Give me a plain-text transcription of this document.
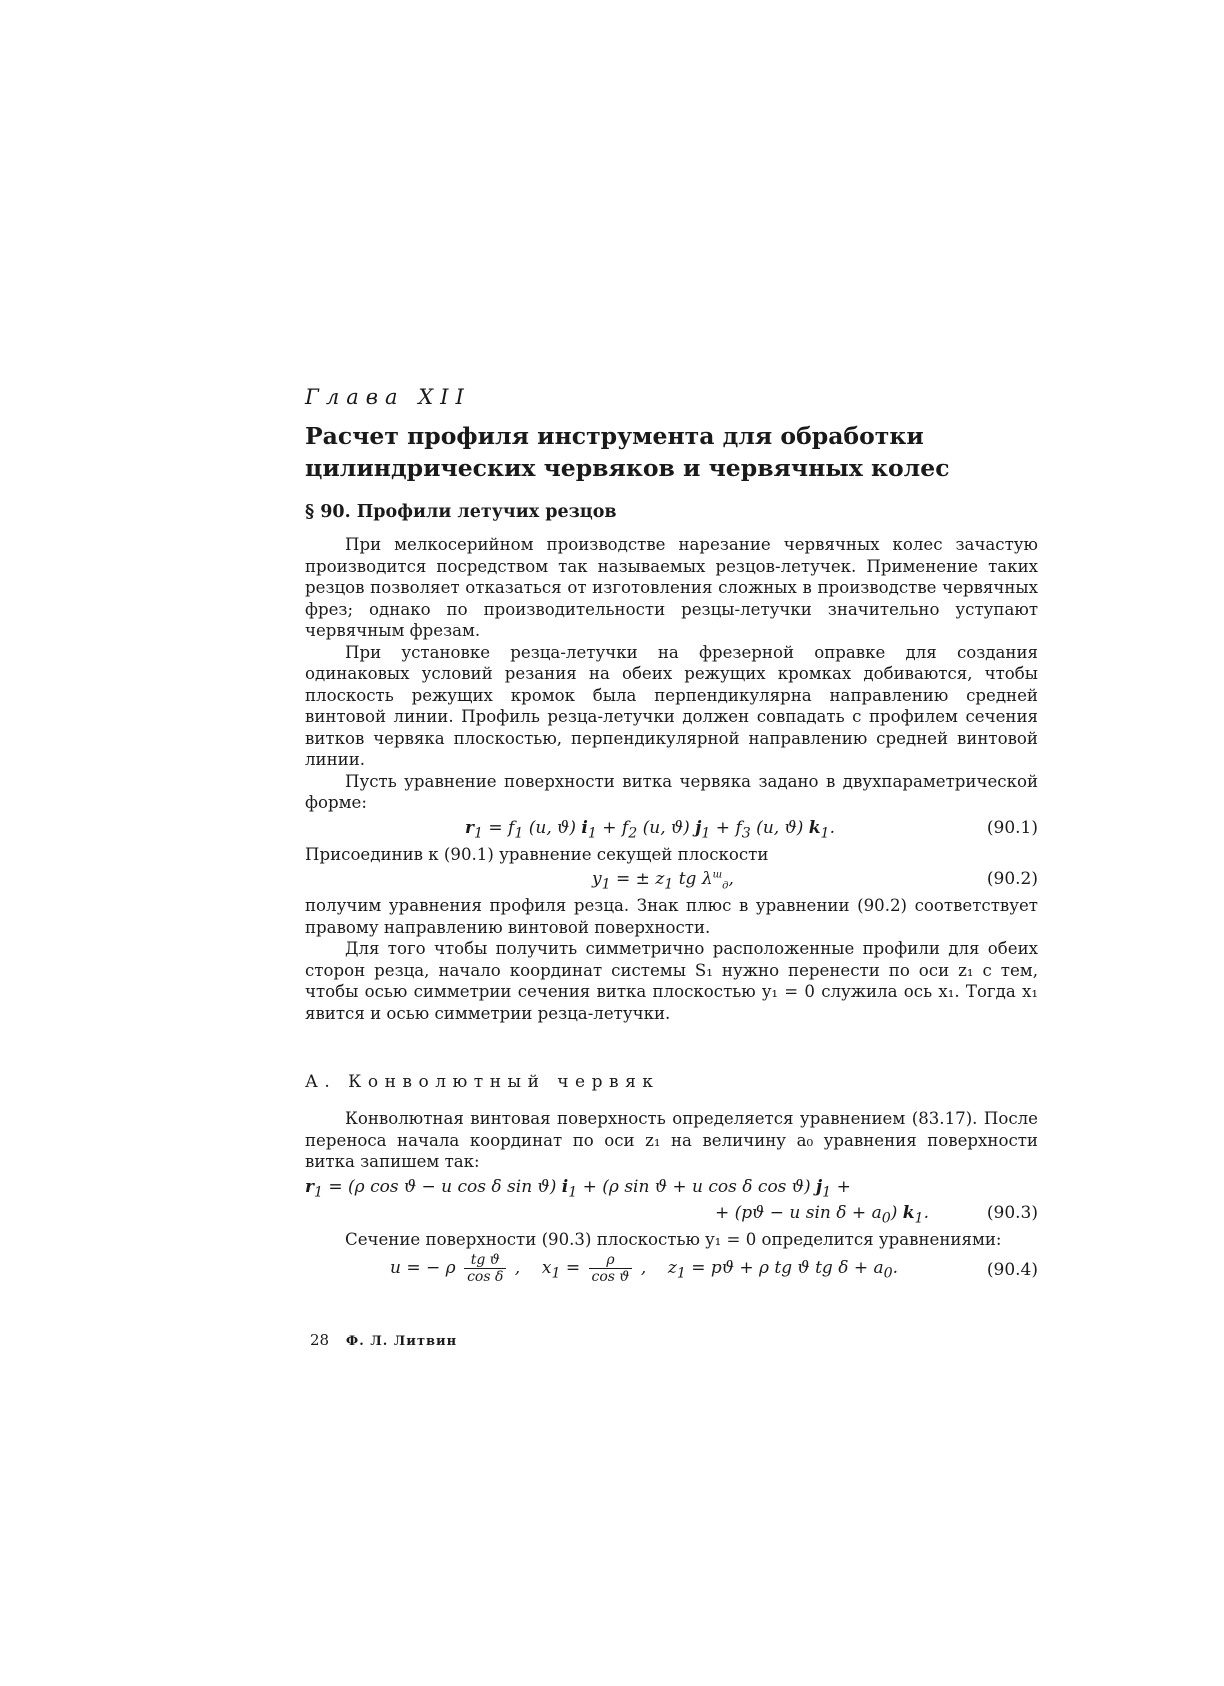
Глава XII
Расчет профиля инструмента для обработки
цилиндрических червяков и червячных колес
§ 90. Профили летучих резцов

При мелкосерийном производстве нарезание червячных колес зачастую производится посредством так называемых резцов-летучек. Применение таких резцов позволяет отказаться от изготовления сложных в производстве червячных фрез; однако по производительности резцы-летучки значительно уступают червячным фрезам.

При установке резца-летучки на фрезерной оправке для создания одинаковых условий резания на обеих режущих кромках добиваются, чтобы плоскость режущих кромок была перпендикулярна направлению средней винтовой линии. Профиль резца-летучки должен совпадать с профилем сечения витков червяка плоскостью, перпендикулярной направлению средней винтовой линии.

Пусть уравнение поверхности витка червяка задано в двухпараметрической форме:

$r_1 = f_1$ (u, ϑ) $i_1 + f_2$ (u, ϑ) $j_1 + f_3$ (u, ϑ) $k_1$.	(90.1)

Присоединив к (90.1) уравнение секущей плоскости

$y_1$ = ± $z_1$ tg $\lambda^ш_д$,	(90.2)

получим уравнения профиля резца. Знак плюс в уравнении (90.2) соответствует правому направлению винтовой поверхности.

Для того чтобы получить симметрично расположенные профили для обеих сторон резца, начало координат системы S₁ нужно перенести по оси z₁ с тем, чтобы осью симметрии сечения витка плоскостью y₁ = 0 служила ось x₁. Тогда x₁ явится и осью симметрии резца-летучки.

А. Конволютный червяк

Конволютная винтовая поверхность определяется уравнением (83.17). После переноса начала координат по оси z₁ на величину a₀ уравнения поверхности витка запишем так:

$r_1 = (\rho$ cos ϑ − u cos δ sin ϑ) $i_1 + (\rho$ sin ϑ + u cos δ cos ϑ) $j_1$ +
+ (pϑ − u $\sin \delta + a_0$) $k_1$.	(90.3)

Сечение поверхности (90.3) плоскостью y₁ = 0 определится уравнениями:

u = − ρ $\frac{\text{tg ϑ}}{\text{cos δ}}$ ,    $x_1 = \frac{\rho}{\text{cos ϑ}}$ ,    $z_1 = pϑ + \rho$ tg ϑ tg $\delta + a_0$.	(90.4)
28 Ф. Л. Литвин
